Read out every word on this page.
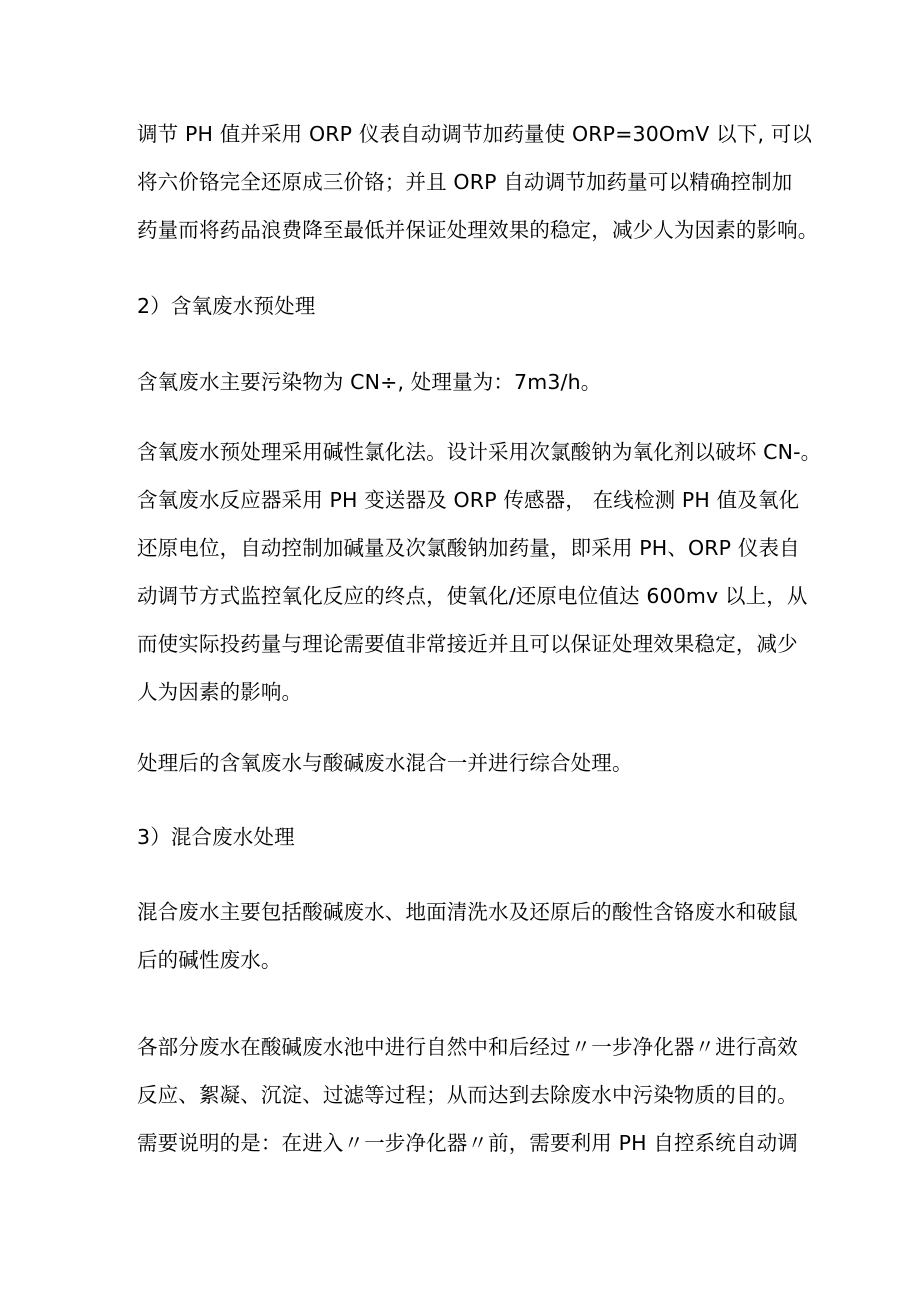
调节 PH 值并采用 ORP 仪表自动调节加药量使 ORP=30OmV 以下, 可以
将六价铬完全还原成三价铬；并且 ORP 自动调节加药量可以精确控制加
药量而将药品浪费降至最低并保证处理效果的稳定，减少人为因素的影响。
2）含氧废水预处理
含氧废水主要污染物为 CN÷, 处理量为：7m3/h。
含氧废水预处理采用碱性氯化法。设计采用次氯酸钠为氧化剂以破坏 CN-。
含氧废水反应器采用 PH 变送器及 ORP 传感器， 在线检测 PH 值及氧化
还原电位，自动控制加碱量及次氯酸钠加药量，即采用 PH、ORP 仪表自
动调节方式监控氧化反应的终点，使氧化/还原电位值达 600mv 以上，从
而使实际投药量与理论需要值非常接近并且可以保证处理效果稳定，减少
人为因素的影响。
处理后的含氧废水与酸碱废水混合一并进行综合处理。
3）混合废水处理
混合废水主要包括酸碱废水、地面清洗水及还原后的酸性含铬废水和破鼠
后的碱性废水。
各部分废水在酸碱废水池中进行自然中和后经过〃一步净化器〃进行高效
反应、絮凝、沉淀、过滤等过程；从而达到去除废水中污染物质的目的。
需要说明的是：在进入〃一步净化器〃前，需要利用 PH 自控系统自动调
